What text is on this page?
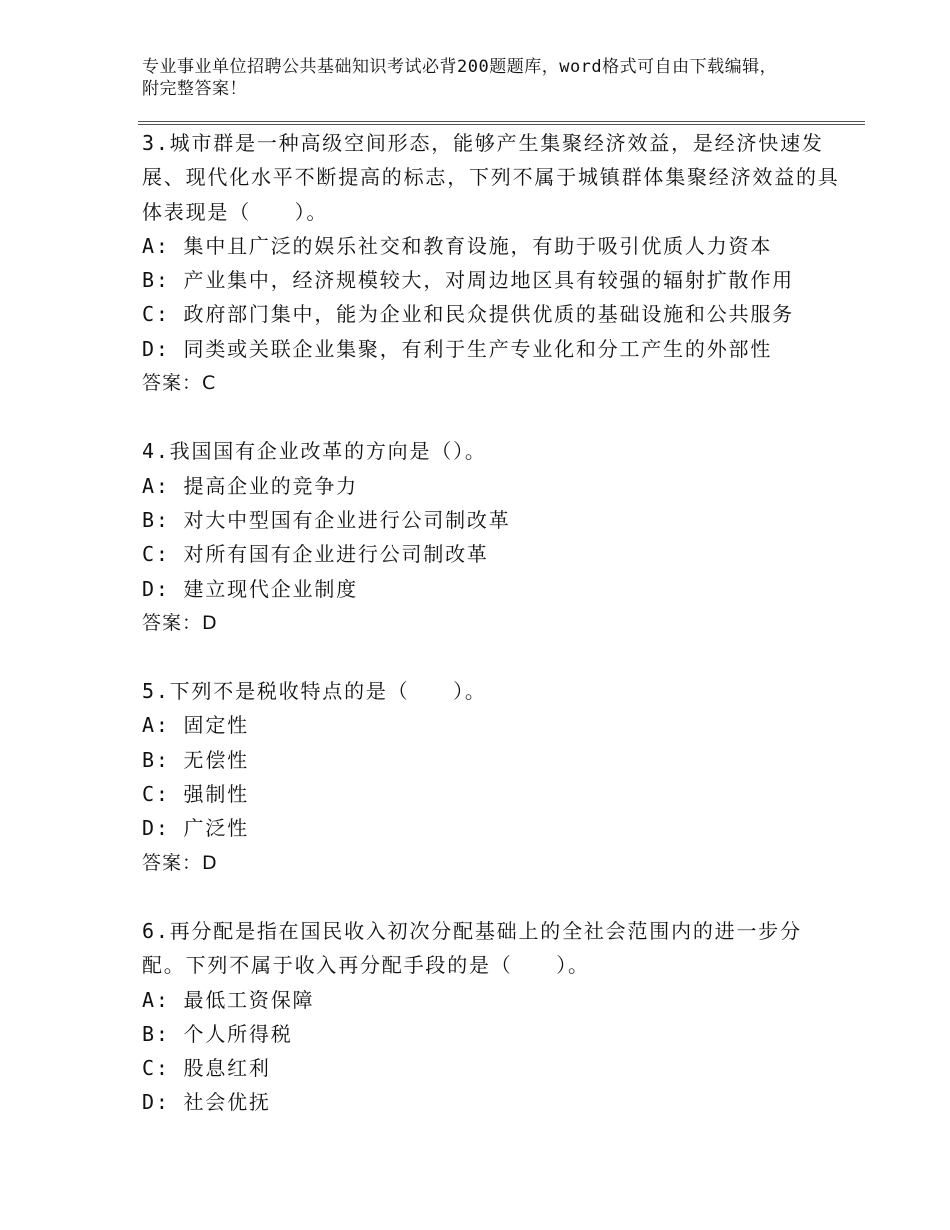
专业事业单位招聘公共基础知识考试必背200题题库，word格式可自由下载编辑，附完整答案！
3.城市群是一种高级空间形态，能够产生集聚经济效益，是经济快速发展、现代化水平不断提高的标志，下列不属于城镇群体集聚经济效益的具体表现是（　　）。
A: 集中且广泛的娱乐社交和教育设施，有助于吸引优质人力资本
B: 产业集中，经济规模较大，对周边地区具有较强的辐射扩散作用
C: 政府部门集中，能为企业和民众提供优质的基础设施和公共服务
D: 同类或关联企业集聚，有利于生产专业化和分工产生的外部性
答案：C
4.我国国有企业改革的方向是（）。
A: 提高企业的竞争力
B: 对大中型国有企业进行公司制改革
C: 对所有国有企业进行公司制改革
D: 建立现代企业制度
答案：D
5.下列不是税收特点的是（　　）。
A: 固定性
B: 无偿性
C: 强制性
D: 广泛性
答案：D
6.再分配是指在国民收入初次分配基础上的全社会范围内的进一步分配。下列不属于收入再分配手段的是（　　）。
A: 最低工资保障
B: 个人所得税
C: 股息红利
D: 社会优抚
